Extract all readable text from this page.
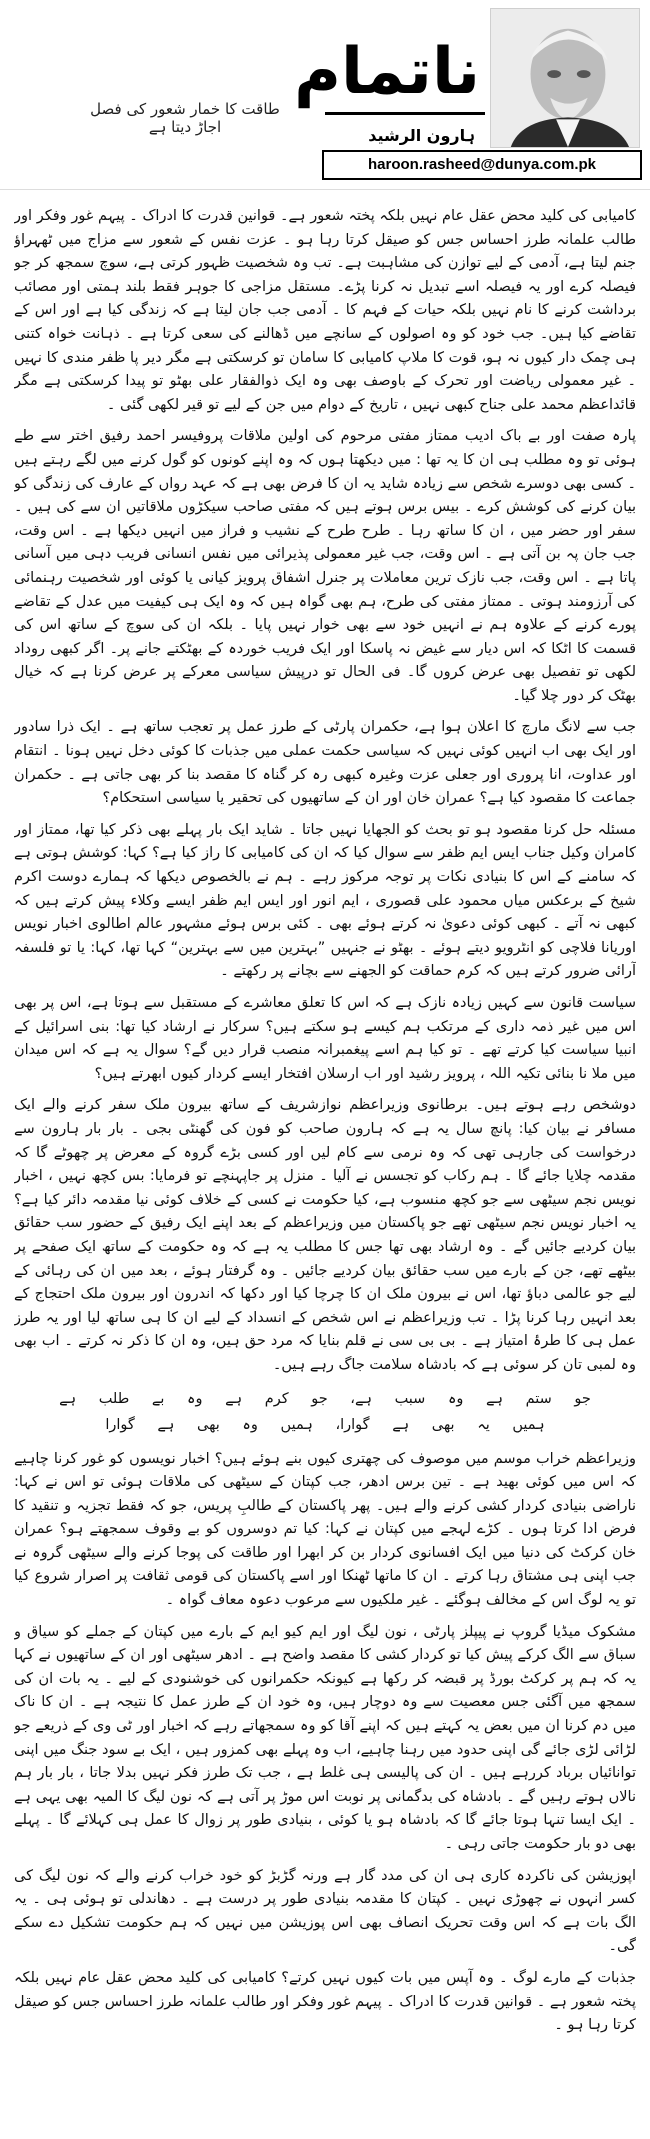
ناتمام
ہارون الرشید
طاقت کا خمار شعور کی فصل اجاڑ دیتا ہے
haroon.rasheed@dunya.com.pk

کامیابی کی کلید محض عقل عام نہیں بلکہ پختہ شعور ہے۔ قوانین قدرت کا ادراک ۔ پیہم غور وفکر اور طالب علمانہ طرز احساس جس کو صیقل کرتا رہا ہو ۔ عزت نفس کے شعور سے مزاج میں ٹھہراؤ جنم لیتا ہے، آدمی کے لیے توازن کی مشاہبت ہے۔ تب وہ شخصیت ظہور کرتی ہے، سوچ سمجھ کر جو فیصلہ کرے اور یہ فیصلہ اسے تبدیل نہ کرنا پڑے۔ مستقل مزاجی کا جوہر فقط بلند ہمتی اور مصائب برداشت کرنے کا نام نہیں بلکہ حیات کے فہم کا ۔ آدمی جب جان لیتا ہے کہ زندگی کیا ہے اور اس کے تقاضے کیا ہیں۔ جب خود کو وہ اصولوں کے سانچے میں ڈھالنے کی سعی کرتا ہے ۔ ذہانت خواہ کتنی ہی چمک دار کیوں نہ ہو، قوت کا ملاپ کامیابی کا سامان تو کرسکتی ہے مگر دیر پا ظفر مندی کا نہیں ۔ غیر معمولی ریاضت اور تحرک کے باوصف بھی وہ ایک ذوالفقار علی بھٹو تو پیدا کرسکتی ہے مگر قائداعظم محمد علی جناح کبھی نہیں ، تاریخ کے دوام میں جن کے لیے تو قیر لکھی گئی ۔

پارہ صفت اور بے باک ادیب ممتاز مفتی مرحوم کی اولین ملاقات پروفیسر احمد رفیق اختر سے طے ہوئی تو وہ مطلب ہی ان کا یہ تھا : میں دیکھتا ہوں کہ وہ اپنے کونوں کو گول کرنے میں لگے رہتے ہیں ۔ کسی بھی دوسرے شخص سے زیادہ شاید یہ ان کا فرض بھی ہے کہ عہد رواں کے عارف کی زندگی کو بیان کرنے کی کوشش کرے ۔ بیس برس ہوتے ہیں کہ مفتی صاحب سیکڑوں ملاقاتیں ان سے کی ہیں ۔ سفر اور حضر میں ، ان کا ساتھ رہا ۔ طرح طرح کے نشیب و فراز میں انہیں دیکھا ہے ۔ اس وقت، جب جان پہ بن آتی ہے ۔ اس وقت، جب غیر معمولی پذیرائی میں نفس انسانی فریب دہی میں آسانی پاتا ہے ۔ اس وقت، جب نازک ترین معاملات پر جنرل اشفاق پرویز کیانی یا کوئی اور شخصیت رہنمائی کی آرزومند ہوتی ۔ ممتاز مفتی کی طرح، ہم بھی گواہ ہیں کہ وہ ایک ہی کیفیت میں عدل کے تقاضے پورے کرنے کے علاوہ ہم نے انہیں خود سے بھی خوار نہیں پایا ۔ بلکہ ان کی سوچ کے ساتھ اس کی قسمت کا اٹکا کہ اس دیار سے غیض نہ پاسکا اور ایک فریب خوردہ کے بھٹکتے جانے پر۔ اگر کبھی روداد لکھی تو تفصیل بھی عرض کروں گا۔ فی الحال تو درپیش سیاسی معرکے پر عرض کرنا ہے کہ خیال بھٹک کر دور چلا گیا۔

جب سے لانگ مارچ کا اعلان ہوا ہے، حکمران پارٹی کے طرز عمل پر تعجب ساتھ ہے ۔ ایک ذرا سادور اور ایک بھی اب انہیں کوئی نہیں کہ سیاسی حکمت عملی میں جذبات کا کوئی دخل نہیں ہونا ۔ انتقام اور عداوت، انا پروری اور جعلی عزت وغیرہ کبھی رہ کر گناہ کا مقصد بنا کر بھی جاتی ہے ۔ حکمران جماعت کا مقصود کیا ہے؟ عمران خان اور ان کے ساتھیوں کی تحقیر یا سیاسی استحکام؟

مسئلہ حل کرنا مقصود ہو تو بحث کو الجھایا نہیں جاتا ۔ شاید ایک بار پہلے بھی ذکر کیا تھا، ممتاز اور کامران وکیل جناب ایس ایم ظفر سے سوال کیا کہ ان کی کامیابی کا راز کیا ہے؟ کہا: کوشش ہوتی ہے کہ سامنے کے اس کا بنیادی نکات پر توجہ مرکوز رہے ۔ ہم نے بالخصوص دیکھا کہ ہمارے دوست اکرم شیخ کے برعکس میاں محمود علی قصوری ، ایم انور اور ایس ایم ظفر ایسے وکلاء پیش کرتے ہیں کہ کبھی نہ آتے ۔ کبھی کوئی دعویٰ نہ کرتے ہوئے بھی ۔ کئی برس ہوئے مشہور عالم اطالوی اخبار نویس اوریانا فلاچی کو انٹرویو دیتے ہوئے ۔ بھٹو نے جنہیں ”بہترین میں سے بہترین“ کہا تھا، کہا: یا تو فلسفہ آرائی ضرور کرتے ہیں کہ کرم حماقت کو الجھنے سے بچانے پر رکھتے ۔

سیاست قانون سے کہیں زیادہ نازک ہے کہ اس کا تعلق معاشرے کے مستقبل سے ہوتا ہے، اس پر بھی اس میں غیر ذمہ داری کے مرتکب ہم کیسے ہو سکتے ہیں؟ سرکار نے ارشاد کیا تھا: بنی اسرائیل کے انبیا سیاست کیا کرتے تھے ۔ تو کیا ہم اسے پیغمبرانہ منصب قرار دیں گے؟ سوال یہ ہے کہ اس میدان میں ملا نا بنائی تکیہ اللہ ، پرویز رشید اور اب ارسلان افتخار ایسے کردار کیوں ابھرتے ہیں؟

دوشخص رہے ہوتے ہیں۔ برطانوی وزیراعظم نوازشریف کے ساتھ بیرون ملک سفر کرنے والے ایک مسافر نے بیان کیا: پانچ سال یہ ہے کہ ہارون صاحب کو فون کی گھنٹی بجی ۔ بار بار ہارون سے درخواست کی جارہی تھی کہ وہ نرمی سے کام لیں اور کسی بڑے گروہ کے معرض پر چھوٹے گا کہ مقدمہ چلایا جائے گا ۔ ہم رکاب کو تجسس نے آلیا ۔ منزل پر جاپہنچے تو فرمایا: بس کچھ نہیں ، اخبار نویس نجم سیٹھی سے جو کچھ منسوب ہے، کیا حکومت نے کسی کے خلاف کوئی نیا مقدمہ دائر کیا ہے؟ یہ اخبار نویس نجم سیٹھی تھے جو پاکستان میں وزیراعظم کے بعد اپنے ایک رفیق کے حضور سب حقائق بیان کردیے جائیں گے ۔ وہ ارشاد بھی تھا جس کا مطلب یہ ہے کہ وہ حکومت کے ساتھ ایک صفحے پر بیٹھے تھے، جن کے بارے میں سب حقائق بیان کردیے جائیں ۔ وہ گرفتار ہوئے ، بعد میں ان کی رہائی کے لیے جو عالمی دباؤ تھا، اس نے بیرون ملک ان کا چرچا کیا اور دکھا کہ اندرون اور بیرون ملک احتجاج کے بعد انہیں رہا کرنا پڑا ۔ تب وزیراعظم نے اس شخص کے انسداد کے لیے ان کا ہی ساتھ لیا اور یہ طرز عمل ہی کا طرۂ امتیاز ہے ۔ بی بی سی نے قلم بنایا کہ مرد حق ہیں، وہ ان کا ذکر نہ کرتے ۔ اب بھی وہ لمبی تان کر سوئی ہے کہ بادشاہ سلامت جاگ رہے ہیں۔

جو ستم ہے وہ سبب ہے، جو کرم ہے وہ بے طلب ہے
ہمیں یہ بھی ہے گوارا، ہمیں وہ بھی ہے گوارا

وزیراعظم خراب موسم میں موصوف کی چھتری کیوں بنے ہوئے ہیں؟ اخبار نویسوں کو غور کرنا چاہیے کہ اس میں کوئی بھید ہے ۔ تین برس ادھر، جب کپتان کے سیٹھی کی ملاقات ہوئی تو اس نے کہا: ناراضی بنیادی کردار کشی کرنے والے ہیں۔ پھر پاکستان کے طالبِ پریس، جو کہ فقط تجزیہ و تنقید کا فرض ادا کرتا ہوں ۔ کڑے لہجے میں کپتان نے کہا: کیا تم دوسروں کو بے وقوف سمجھتے ہو؟ عمران خان کرکٹ کی دنیا میں ایک افسانوی کردار بن کر ابھرا اور طاقت کی پوجا کرنے والے سیٹھی گروہ نے جب اپنی ہی مشتاق رہا کرتے ۔ ان کا ماتھا ٹھنکا اور اسے پاکستان کی قومی ثقافت پر اصرار شروع کیا تو یہ لوگ اس کے مخالف ہوگئے ۔ غیر ملکیوں سے مرعوب دعوہ معاف گواہ ۔

مشکوک میڈیا گروپ نے پیپلز پارٹی ، نون لیگ اور ایم کیو ایم کے بارے میں کپتان کے جملے کو سیاق و سباق سے الگ کرکے پیش کیا تو کردار کشی کا مقصد واضح ہے ۔ ادھر سیٹھی اور ان کے ساتھیوں نے کہا یہ کہ ہم پر کرکٹ بورڈ پر قبضہ کر رکھا ہے کیونکہ حکمرانوں کی خوشنودی کے لیے ۔ یہ بات ان کی سمجھ میں آگئی جس معصیت سے وہ دوچار ہیں، وہ خود ان کے طرز عمل کا نتیجہ ہے ۔ ان کا ناک میں دم کرنا ان میں بعض یہ کہتے ہیں کہ اپنے آقا کو وہ سمجھاتے رہے کہ اخبار اور ٹی وی کے ذریعے جو لڑائی لڑی جائے گی اپنی حدود میں رہنا چاہیے، اب وہ پہلے بھی کمزور ہیں ، ایک بے سود جنگ میں اپنی توانائیاں برباد کررہے ہیں ۔ ان کی پالیسی ہی غلط ہے ، جب تک طرز فکر نہیں بدلا جاتا ، بار بار ہم نالاں ہوتے رہیں گے ۔ بادشاہ کی بدگمانی پر نوبت اس موڑ پر آتی ہے کہ نون لیگ کا المیہ بھی یہی ہے ۔ ایک ایسا تنہا ہوتا جائے گا کہ بادشاہ ہو یا کوئی ، بنیادی طور پر زوال کا عمل ہی کہلائے گا ۔ پہلے بھی دو بار حکومت جاتی رہی ۔

اپوزیشن کی ناکردہ کاری ہی ان کی مدد گار ہے ورنہ گڑبڑ کو خود خراب کرنے والے کہ نون لیگ کی کسر انہوں نے چھوڑی نہیں ۔ کپتان کا مقدمہ بنیادی طور پر درست ہے ۔ دھاندلی تو ہوئی ہی ۔ یہ الگ بات ہے کہ اس وقت تحریک انصاف بھی اس پوزیشن میں نہیں کہ ہم حکومت تشکیل دے سکے گی۔

جذبات کے مارے لوگ ۔ وہ آپس میں بات کیوں نہیں کرتے؟ کامیابی کی کلید محض عقل عام نہیں بلکہ پختہ شعور ہے ۔ قوانین قدرت کا ادراک ۔ پیہم غور وفکر اور طالب علمانہ طرز احساس جس کو صیقل کرتا رہا ہو ۔
